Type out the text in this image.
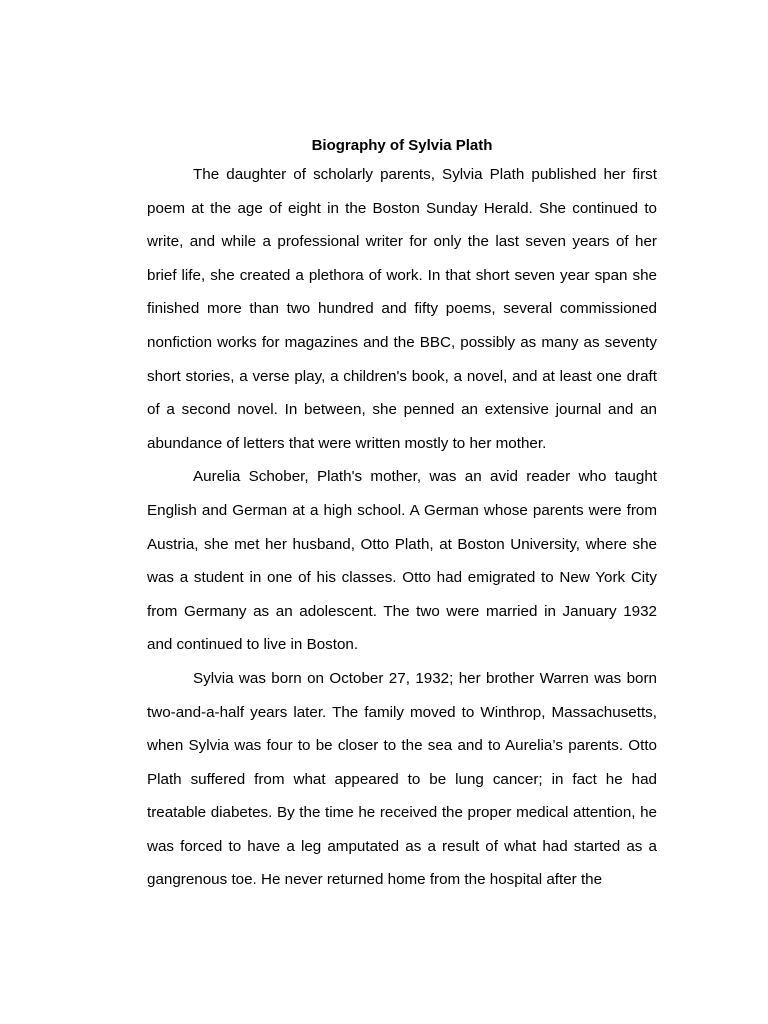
Biography of Sylvia Plath

The daughter of scholarly parents, Sylvia Plath published her first poem at the age of eight in the Boston Sunday Herald. She continued to write, and while a professional writer for only the last seven years of her brief life, she created a plethora of work. In that short seven year span she finished more than two hundred and fifty poems, several commissioned nonfiction works for magazines and the BBC, possibly as many as seventy short stories, a verse play, a children's book, a novel, and at least one draft of a second novel. In between, she penned an extensive journal and an abundance of letters that were written mostly to her mother.

Aurelia Schober, Plath's mother, was an avid reader who taught English and German at a high school. A German whose parents were from Austria, she met her husband, Otto Plath, at Boston University, where she was a student in one of his classes. Otto had emigrated to New York City from Germany as an adolescent. The two were married in January 1932 and continued to live in Boston.

Sylvia was born on October 27, 1932; her brother Warren was born two-and-a-half years later. The family moved to Winthrop, Massachusetts, when Sylvia was four to be closer to the sea and to Aurelia’s parents. Otto Plath suffered from what appeared to be lung cancer; in fact he had treatable diabetes. By the time he received the proper medical attention, he was forced to have a leg amputated as a result of what had started as a gangrenous toe. He never returned home from the hospital after the
